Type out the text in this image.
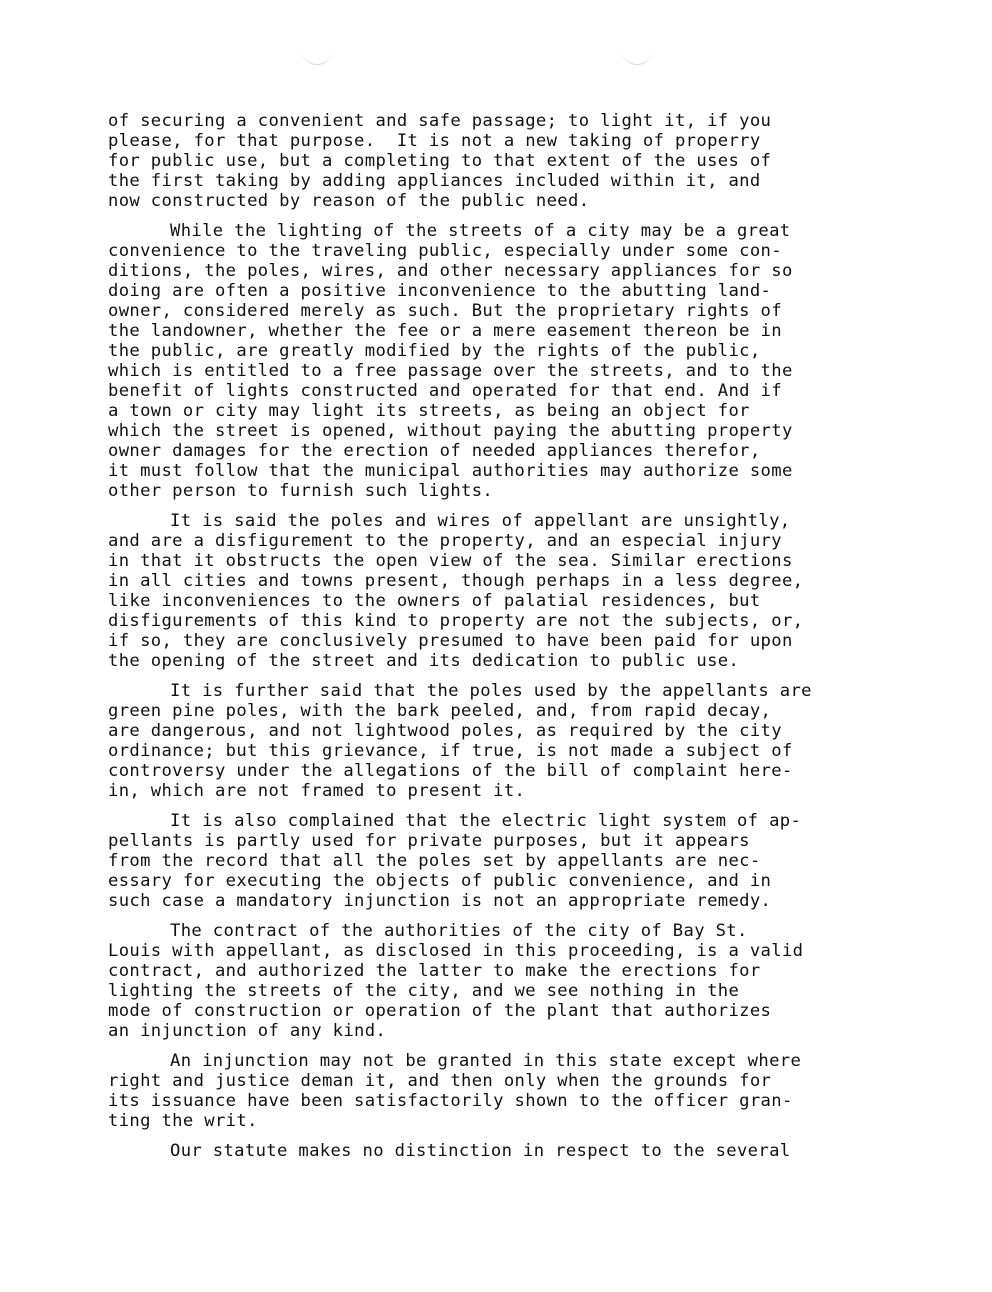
of securing a convenient and safe passage; to light it, if you
please, for that purpose.  It is not a new taking of properry
for public use, but a completing to that extent of the uses of
the first taking by adding appliances included within it, and
now constructed by reason of the public need.
While the lighting of the streets of a city may be a great
convenience to the traveling public, especially under some con-
ditions, the poles, wires, and other necessary appliances for so
doing are often a positive inconvenience to the abutting land-
owner, considered merely as such. But the proprietary rights of
the landowner, whether the fee or a mere easement thereon be in
the public, are greatly modified by the rights of the public,
which is entitled to a free passage over the streets, and to the
benefit of lights constructed and operated for that end. And if
a town or city may light its streets, as being an object for
which the street is opened, without paying the abutting property
owner damages for the erection of needed appliances therefor,
it must follow that the municipal authorities may authorize some
other person to furnish such lights.
It is said the poles and wires of appellant are unsightly,
and are a disfigurement to the property, and an especial injury
in that it obstructs the open view of the sea. Similar erections
in all cities and towns present, though perhaps in a less degree,
like inconveniences to the owners of palatial residences, but
disfigurements of this kind to property are not the subjects, or,
if so, they are conclusively presumed to have been paid for upon
the opening of the street and its dedication to public use.
It is further said that the poles used by the appellants are
green pine poles, with the bark peeled, and, from rapid decay,
are dangerous, and not lightwood poles, as required by the city
ordinance; but this grievance, if true, is not made a subject of
controversy under the allegations of the bill of complaint here-
in, which are not framed to present it.
It is also complained that the electric light system of ap-
pellants is partly used for private purposes, but it appears
from the record that all the poles set by appellants are nec-
essary for executing the objects of public convenience, and in
such case a mandatory injunction is not an appropriate remedy.
The contract of the authorities of the city of Bay St.
Louis with appellant, as disclosed in this proceeding, is a valid
contract, and authorized the latter to make the erections for
lighting the streets of the city, and we see nothing in the
mode of construction or operation of the plant that authorizes
an injunction of any kind.
An injunction may not be granted in this state except where
right and justice deman it, and then only when the grounds for
its issuance have been satisfactorily shown to the officer gran-
ting the writ.
Our statute makes no distinction in respect to the several
